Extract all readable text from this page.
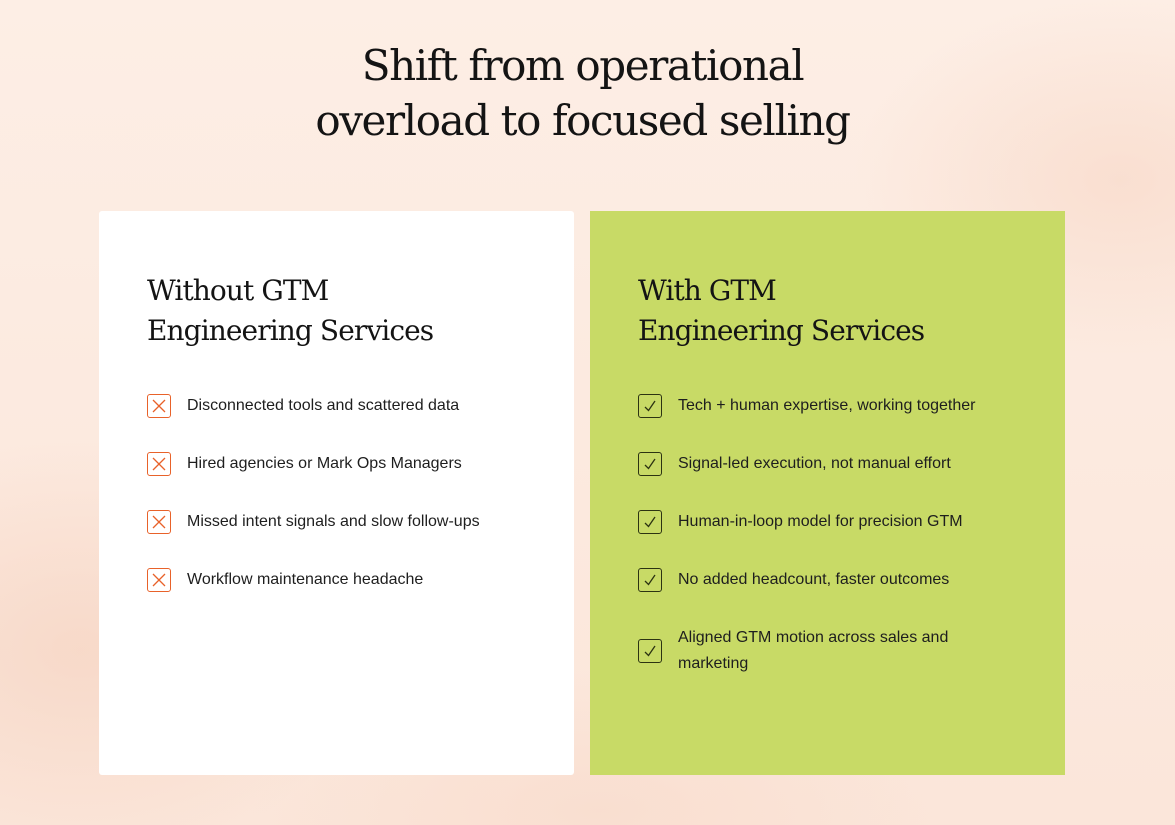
Shift from operational
overload to focused selling
Without GTM
Engineering Services
Disconnected tools and scattered data
Hired agencies or Mark Ops Managers
Missed intent signals and slow follow-ups
Workflow maintenance headache
With GTM
Engineering Services
Tech + human expertise, working together
Signal-led execution, not manual effort
Human-in-loop model for precision GTM
No added headcount, faster outcomes
Aligned GTM motion across sales and marketing
